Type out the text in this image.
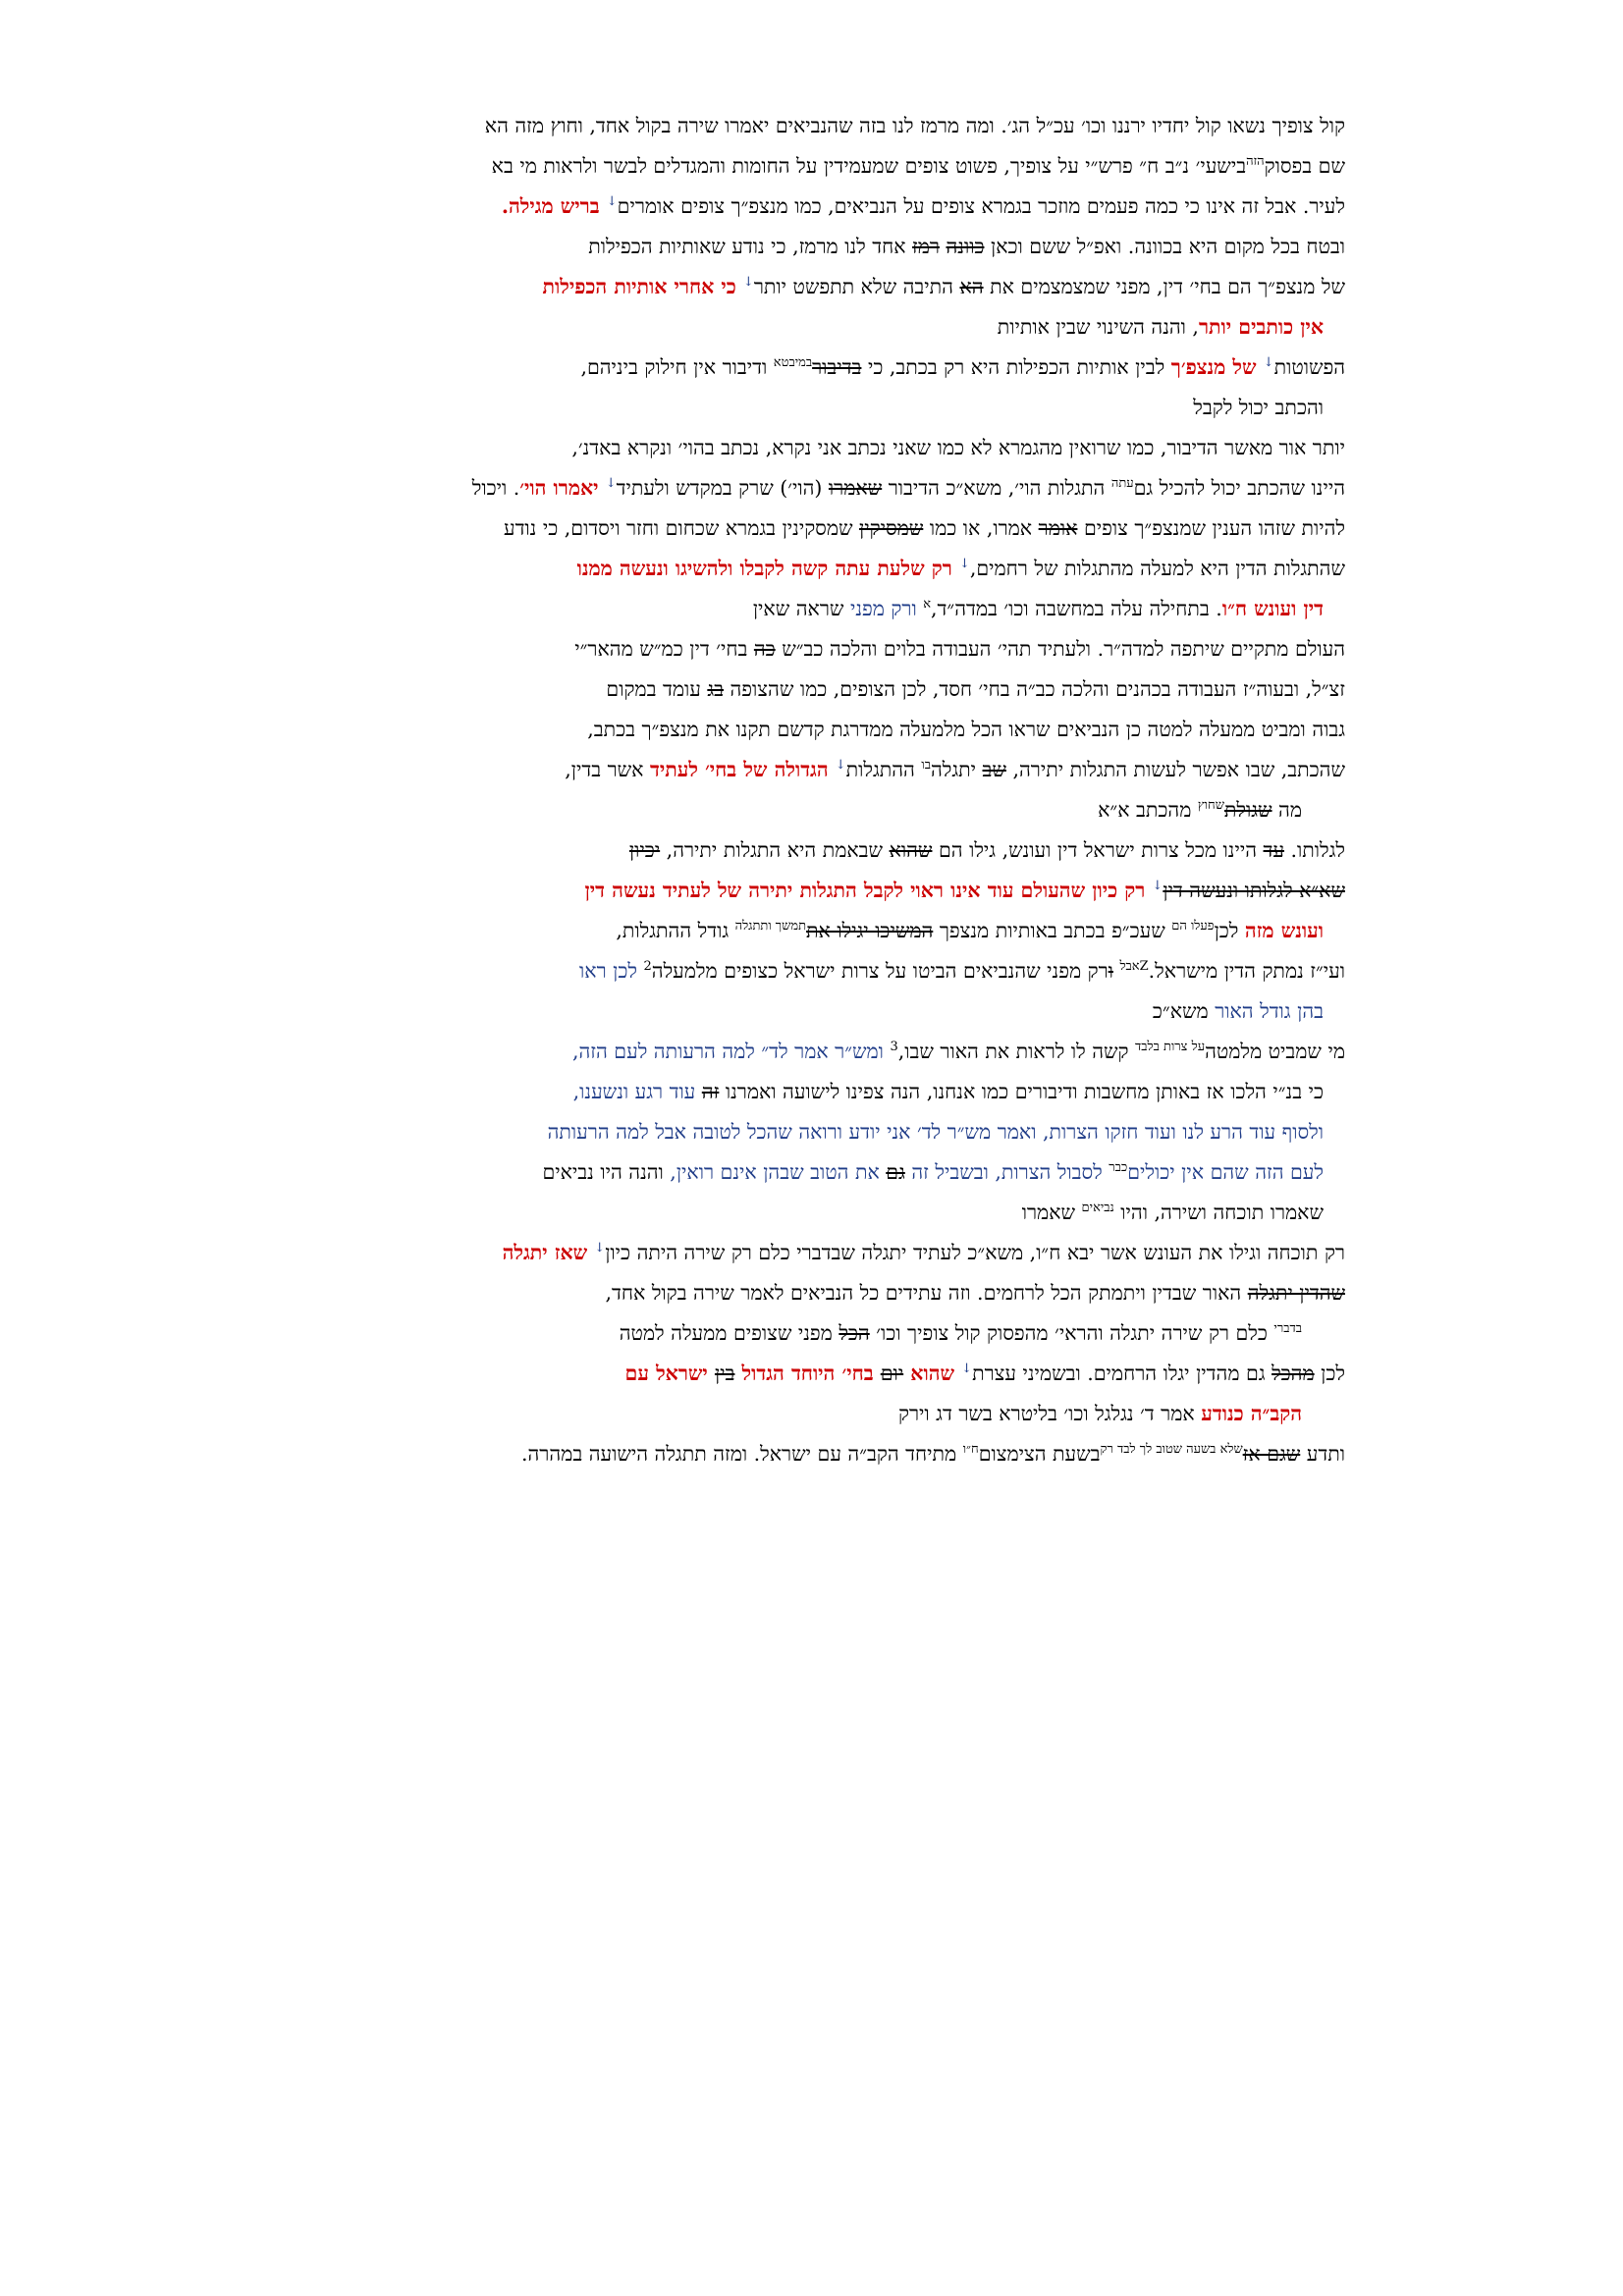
קול צופיך נשאו קול יחדיו ירננו וכו׳ עכ״ל הג׳. ומה מרמז לנו בזה שהנביאים יאמרו שירה בקול אחד, וחוץ מזה הא
שם בפסוק$^{הזה}$בישעי׳ נ״ב ח״ פרש״י על צופיך, פשוט צופים שמעמידין על החומות והמגדלים לבשר ולראות מי בא
לעיר. אבל זה אינו כי כמה פעמים מוזכר בגמרא צופים על הנביאים, כמו מנצפ״ך צופים אומרים↓ בריש מגילה.
ובטח בכל מקום היא בכוונה. ואפ״ל ששם וכאן כוונה רמז אחד לנו מרמז, כי נודע שאותיות הכפילות
של מנצפ״ך הם בחי׳ דין, מפני שמצמצמים את הא התיבה שלא תתפשט יותר↓ כי אחרי אותיות הכפילות
אין כותבים יותר, והנה השינוי שבין אותיות
הפשוטות↓ של מנצפ׳ך לבין אותיות הכפילות היא רק בכתב, כי בדיבור$^{במיבטא}$ ודיבור אין חילוק ביניהם,
והכתב יכול לקבל
יותר אור מאשר הדיבור, כמו שרואין מהגמרא לא כמו שאני נכתב אני נקרא, נכתב בהוי׳ ונקרא באדנ׳,
היינו שהכתב יכול להכיל גם$^{עתה}$ התגלות הוי׳, משא״כ הדיבור שאמרו (הוי׳) שרק במקדש ולעתיד↓ יאמרו הוי׳. ויכול
להיות שזהו הענין שמנצפ״ך צופים אומר אמרו, או כמו שמסיקין שמסקינין בגמרא שכחום וחזר ויסדום, כי נודע
שהתגלות הדין היא למעלה מהתגלות של רחמים,↓ רק שלעת עתה קשה לקבלו ולהשיגו ונעשה ממנו
דין ועונש ח״ו. בתחילה עלה במחשבה וכו׳ במדה״ד,$^א$ ורק מפני שראה שאין
העולם מתקיים שיתפה למדה״ר. ולעתיד תהי׳ העבודה בלוים והלכה כב״ש כה בחי׳ דין כמ״ש מהאר״י
זצ״ל, ובעוה״ז העבודה בכהנים והלכה כב״ה בחי׳ חסד, לכן הצופים, כמו שהצופה בג עומד במקום
גבוה ומביט ממעלה למטה כן הנביאים שראו הכל מלמעלה ממדרגת קדשם תקנו את מנצפ״ך בכתב,
שהכתב, שבו אפשר לעשות התגלות יתירה, שב יתגלה$^{בו}$ ההתגלות↓ הגדולה של בחי׳ לעתיד אשר בדין,
מה שגולת$^{שחוץ}$ מהכתב א״א
לגלותו. עד היינו מכל צרות ישראל דין ועונש, גילו הם שהוא שבאמת היא התגלות יתירה, יכיון
שא״א לגלותו ונעשה דין↓ רק כיון שהעולם עוד אינו ראוי לקבל התגלות יתירה של לעתיד נעשה דין
ועונש מזה לכן$^{פעלו הם}$ שעכ״פ בכתב באותיות מנצפך המשיכו יגילו את$^{תמשך ותתגלה}$ גודל ההתגלות,
ועי״ז נמתק הדין מישראל.$^{Zאבל}$ ורק מפני שהנביאים הביטו על צרות ישראל כצופים מלמעלה$^2$ לכן ראו
בהן גודל האור משא״כ
מי שמביט מלמטה$^{על צרות בלבד}$ קשה לו לראות את האור שבו,$^3$ ומש״ר אמר לד״ למה הרעותה לעם הזה,
כי בנ״י הלכו אז באותן מחשבות ודיבורים כמו אנחנו, הנה צפינו לישועה ואמרנו זה עוד רגע ונשענו,
ולסוף עוד הרע לנו ועוד חזקו הצרות, ואמר מש״ר לד׳ אני יודע ורואה שהכל לטובה אבל למה הרעותה
לעם הזה שהם אין יכולים$^{כבר}$ לסבול הצרות, ובשביל זה גם את הטוב שבהן אינם רואין, והנה היו נביאים
שאמרו תוכחה ושירה, והיו $^{נביאים}$ שאמרו
רק תוכחה וגילו את העונש אשר יבא ח״ו, משא״כ לעתיד יתגלה שבדברי כלם רק שירה היתה כיון↓ שאז יתגלה
שהדין יתגלה האור שבדין ויתמתק הכל לרחמים. וזה עתידים כל הנביאים לאמר שירה בקול אחד,
$^{בדברי}$ כלם רק שירה יתגלה והראי׳ מהפסוק קול צופיך וכו׳ הכל מפני שצופים ממעלה למטה
לכן מהכל גם מהדין יגלו הרחמים. ובשמיני עצרת↓ שהוא יום בחי׳ היוחד הגדול בין ישראל עם
הקב״ה כנודע אמר ד׳ נגלגל וכו׳ בליטרא בשר דג וירק
ותדע שגם אז$^{שלא בשעה שטוב לך לבד רק}$בשעת הצימצום$^{ח״ו}$ מתיחד הקב״ה עם ישראל. ומזה תתגלה הישועה במהרה.
